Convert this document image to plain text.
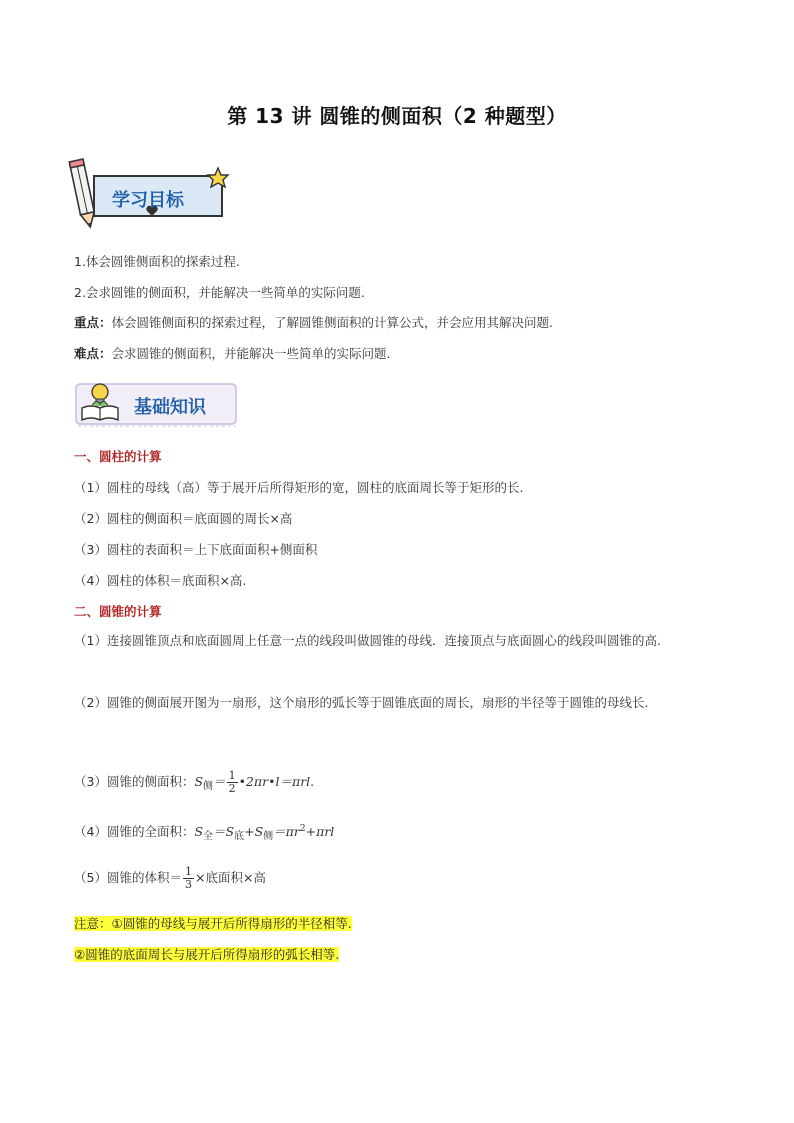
第 13 讲 圆锥的侧面积（2 种题型）
学习目标
1.体会圆锥侧面积的探索过程.
2.会求圆锥的侧面积，并能解决一些简单的实际问题.
重点：体会圆锥侧面积的探索过程，了解圆锥侧面积的计算公式，并会应用其解决问题.
难点：会求圆锥的侧面积，并能解决一些简单的实际问题.
基础知识
一、圆柱的计算
（1）圆柱的母线（高）等于展开后所得矩形的宽，圆柱的底面周长等于矩形的长.
（2）圆柱的侧面积＝底面圆的周长×高
（3）圆柱的表面积＝上下底面面积+侧面积
（4）圆柱的体积＝底面积×高.
二、圆锥的计算
（1）连接圆锥顶点和底面圆周上任意一点的线段叫做圆锥的母线．连接顶点与底面圆心的线段叫圆锥的高.
（2）圆锥的侧面展开图为一扇形，这个扇形的弧长等于圆锥底面的周长，扇形的半径等于圆锥的母线长.
（3）圆锥的侧面积：$S_侧= \frac{1}{2}$ •2πr•l＝πrl.
（4）圆锥的全面积：$S_全=S_底+S_侧=\pi r^2+\pi rl$
（5）圆锥的体积＝ $\frac{1}{3}$ ×底面积×高
注意：①圆锥的母线与展开后所得扇形的半径相等.
②圆锥的底面周长与展开后所得扇形的弧长相等.
